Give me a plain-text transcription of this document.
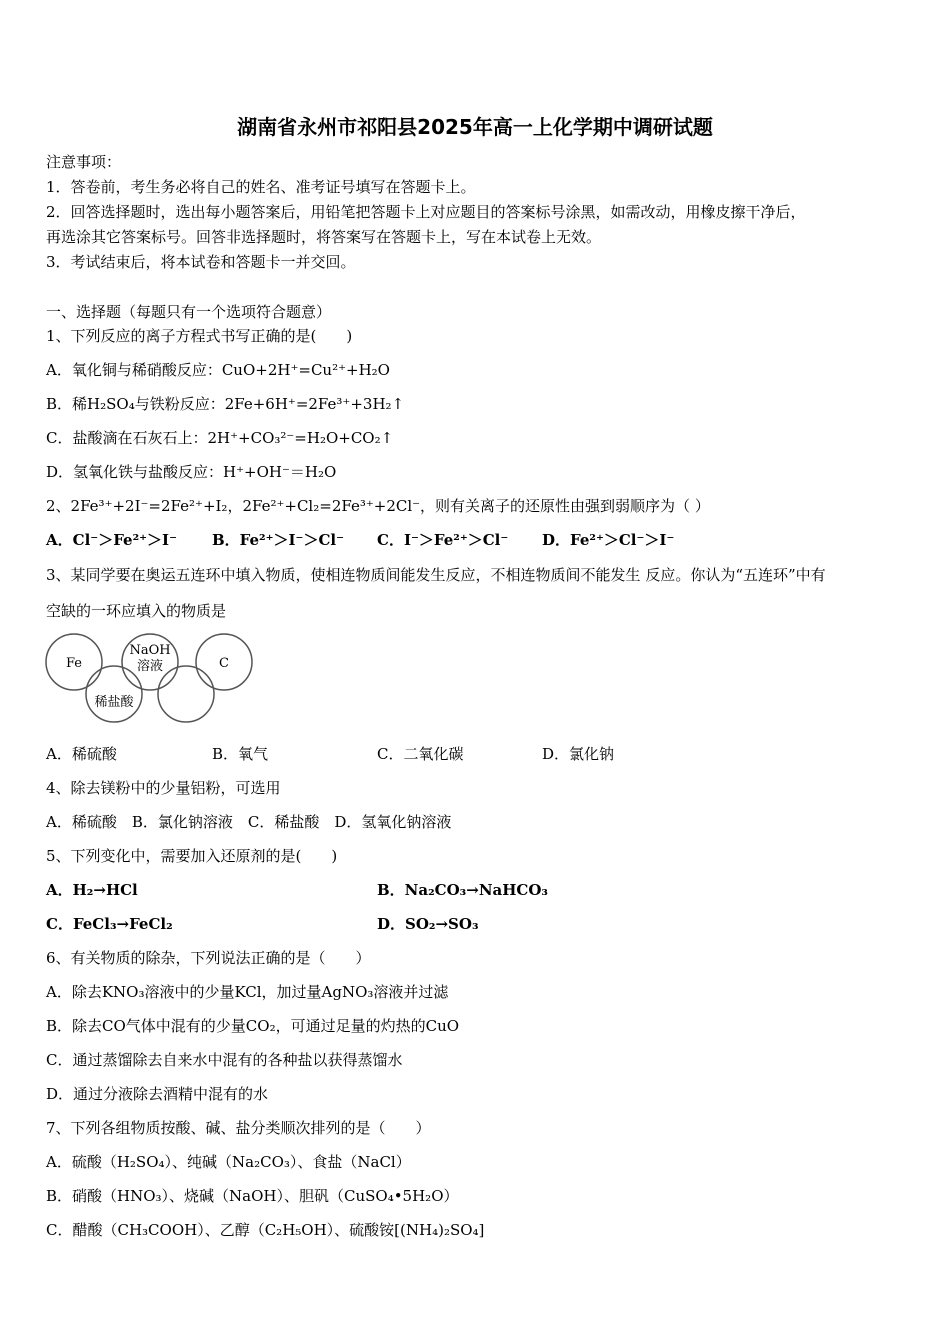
湖南省永州市祁阳县2025年高一上化学期中调研试题
注意事项：
1．答卷前，考生务必将自己的姓名、准考证号填写在答题卡上。
2．回答选择题时，选出每小题答案后，用铅笔把答题卡上对应题目的答案标号涂黑，如需改动，用橡皮擦干净后，
再选涂其它答案标号。回答非选择题时，将答案写在答题卡上，写在本试卷上无效。
3．考试结束后，将本试卷和答题卡一并交回。
一、选择题（每题只有一个选项符合题意）
1、下列反应的离子方程式书写正确的是(　　)
A．氧化铜与稀硝酸反应：CuO+2H⁺=Cu²⁺+H₂O
B．稀H₂SO₄与铁粉反应：2Fe+6H⁺=2Fe³⁺+3H₂↑
C．盐酸滴在石灰石上：2H⁺+CO₃²⁻=H₂O+CO₂↑
D．氢氧化铁与盐酸反应：H⁺+OH⁻＝H₂O
2、2Fe³⁺+2I⁻=2Fe²⁺+I₂，2Fe²⁺+Cl₂=2Fe³⁺+2Cl⁻，则有关离子的还原性由强到弱顺序为（ ）
A．Cl⁻＞Fe²⁺＞I⁻ B．Fe²⁺＞I⁻＞Cl⁻ C．I⁻＞Fe²⁺＞Cl⁻ D．Fe²⁺＞Cl⁻＞I⁻
3、某同学要在奥运五连环中填入物质，使相连物质间能发生反应，不相连物质间不能发生 反应。你认为“五连环”中有
空缺的一环应填入的物质是
Fe
NaOH
溶液	C
稀盐酸
A．稀硫酸	B．氧气	C．二氧化碳	D．氯化钠
4、除去镁粉中的少量铝粉，可选用
A．稀硫酸　B．氯化钠溶液　C．稀盐酸　D．氢氧化钠溶液
5、下列变化中，需要加入还原剂的是(　　)
A．H₂→HCl	B．Na₂CO₃→NaHCO₃
C．FeCl₃→FeCl₂	D．SO₂→SO₃
6、有关物质的除杂，下列说法正确的是（　　）
A．除去KNO₃溶液中的少量KCl，加过量AgNO₃溶液并过滤
B．除去CO气体中混有的少量CO₂，可通过足量的灼热的CuO
C．通过蒸馏除去自来水中混有的各种盐以获得蒸馏水
D．通过分液除去酒精中混有的水
7、下列各组物质按酸、碱、盐分类顺次排列的是（　　）
A．硫酸（H₂SO₄）、纯碱（Na₂CO₃）、食盐（NaCl）
B．硝酸（HNO₃）、烧碱（NaOH）、胆矾（CuSO₄•5H₂O）
C．醋酸（CH₃COOH）、乙醇（C₂H₅OH）、硫酸铵[(NH₄)₂SO₄]
